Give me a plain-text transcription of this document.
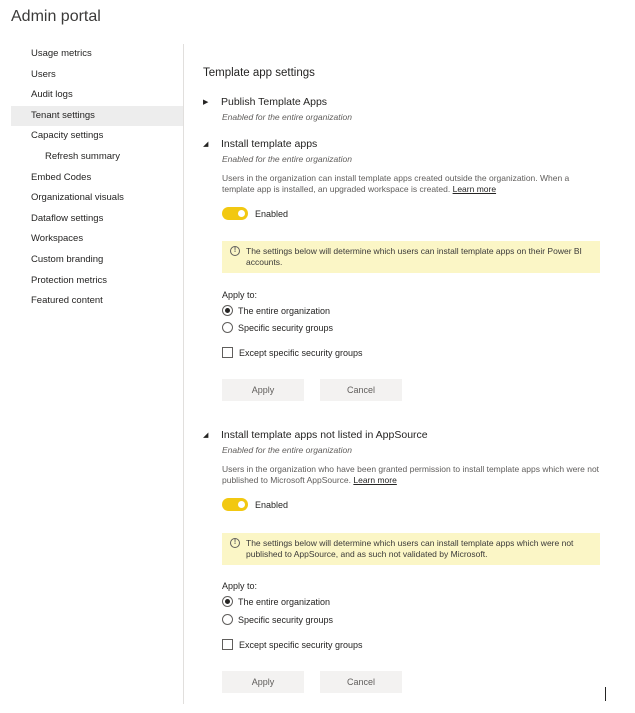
Admin portal
Usage metrics
Users
Audit logs
Tenant settings
Capacity settings
Refresh summary
Embed Codes
Organizational visuals
Dataflow settings
Workspaces
Custom branding
Protection metrics
Featured content
Template app settings
▶	Publish Template Apps
Enabled for the entire organization
◢	Install template apps
Enabled for the entire organization
Users in the organization can install template apps created outside the organization. When a template app is installed, an upgraded workspace is created. Learn more
Enabled
!	The settings below will determine which users can install template apps on their Power BI accounts.
Apply to:
The entire organization
Specific security groups
Except specific security groups
Apply	Cancel
◢	Install template apps not listed in AppSource
Enabled for the entire organization
Users in the organization who have been granted permission to install template apps which were not published to Microsoft AppSource. Learn more
Enabled
!	The settings below will determine which users can install template apps which were not published to AppSource, and as such not validated by Microsoft.
Apply to:
The entire organization
Specific security groups
Except specific security groups
Apply	Cancel
